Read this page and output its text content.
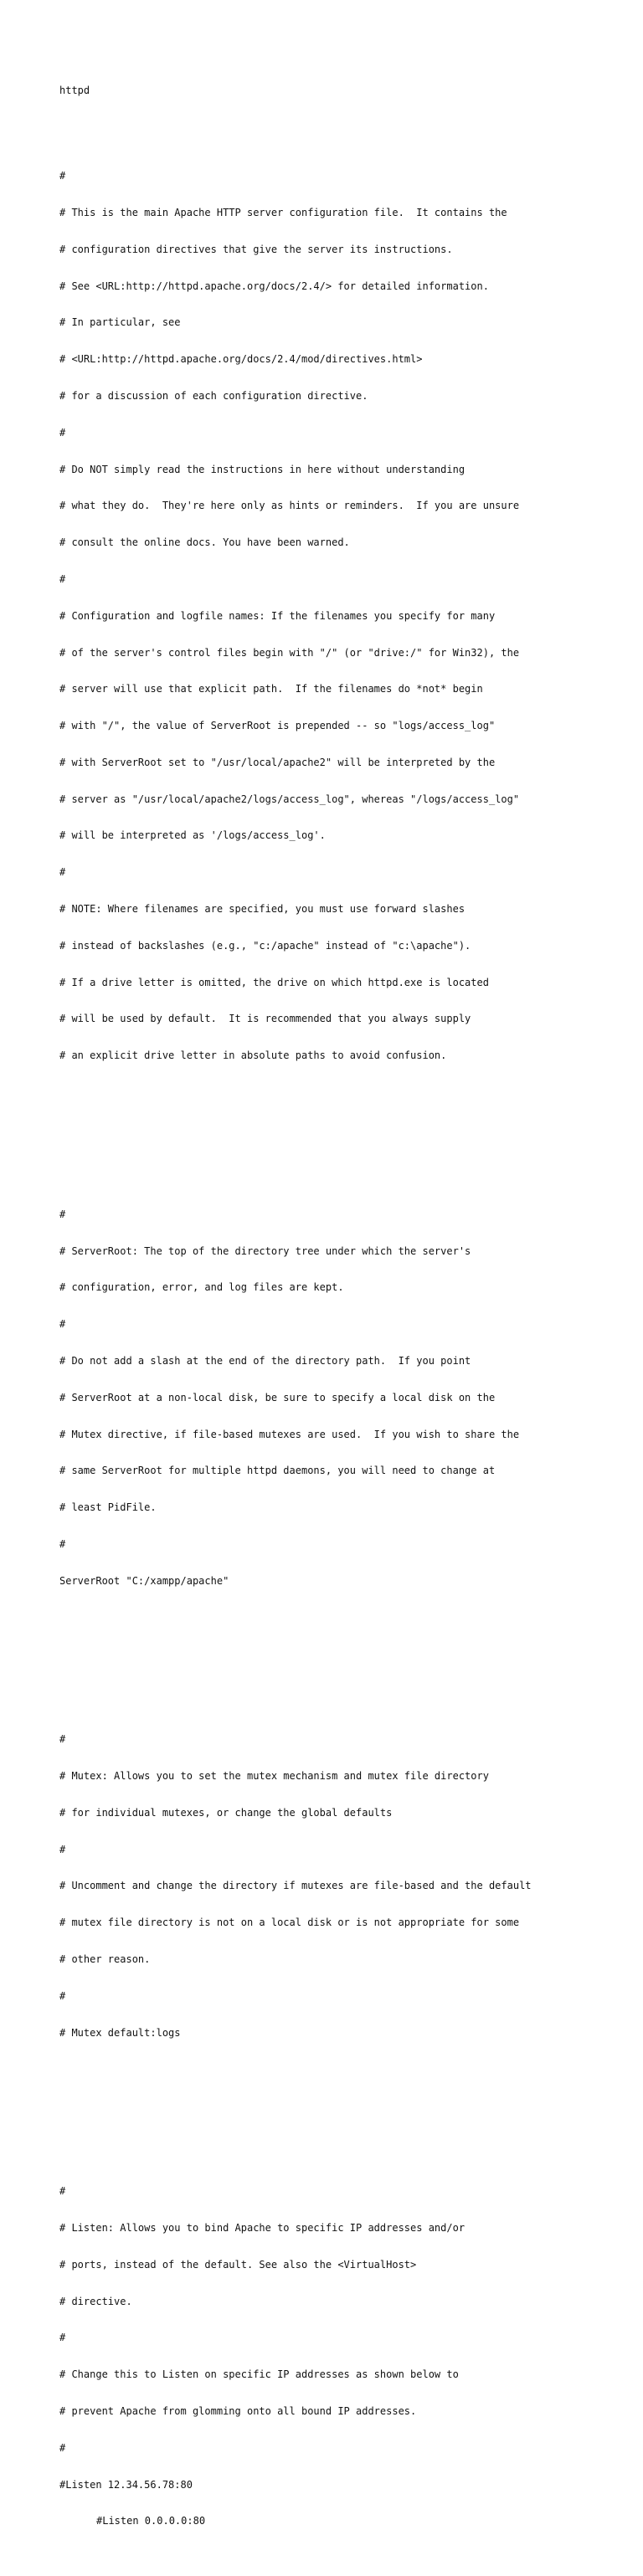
httpd

#

# This is the main Apache HTTP server configuration file.  It contains the

# configuration directives that give the server its instructions.

# See <URL:http://httpd.apache.org/docs/2.4/> for detailed information.

# In particular, see

# <URL:http://httpd.apache.org/docs/2.4/mod/directives.html>

# for a discussion of each configuration directive.

#

# Do NOT simply read the instructions in here without understanding

# what they do.  They're here only as hints or reminders.  If you are unsure

# consult the online docs. You have been warned.

#

# Configuration and logfile names: If the filenames you specify for many

# of the server's control files begin with "/" (or "drive:/" for Win32), the

# server will use that explicit path.  If the filenames do *not* begin

# with "/", the value of ServerRoot is prepended -- so "logs/access_log"

# with ServerRoot set to "/usr/local/apache2" will be interpreted by the

# server as "/usr/local/apache2/logs/access_log", whereas "/logs/access_log"

# will be interpreted as '/logs/access_log'.

#

# NOTE: Where filenames are specified, you must use forward slashes

# instead of backslashes (e.g., "c:/apache" instead of "c:\apache").

# If a drive letter is omitted, the drive on which httpd.exe is located

# will be used by default.  It is recommended that you always supply

# an explicit drive letter in absolute paths to avoid confusion.

#

# ServerRoot: The top of the directory tree under which the server's

# configuration, error, and log files are kept.

#

# Do not add a slash at the end of the directory path.  If you point

# ServerRoot at a non-local disk, be sure to specify a local disk on the

# Mutex directive, if file-based mutexes are used.  If you wish to share the

# same ServerRoot for multiple httpd daemons, you will need to change at

# least PidFile.

#

ServerRoot "C:/xampp/apache"

#

# Mutex: Allows you to set the mutex mechanism and mutex file directory

# for individual mutexes, or change the global defaults

#

# Uncomment and change the directory if mutexes are file-based and the default

# mutex file directory is not on a local disk or is not appropriate for some

# other reason.

#

# Mutex default:logs

#

# Listen: Allows you to bind Apache to specific IP addresses and/or

# ports, instead of the default. See also the <VirtualHost>

# directive.

#

# Change this to Listen on specific IP addresses as shown below to

# prevent Apache from glomming onto all bound IP addresses.

#

#Listen 12.34.56.78:80

#Listen 0.0.0.0:80
